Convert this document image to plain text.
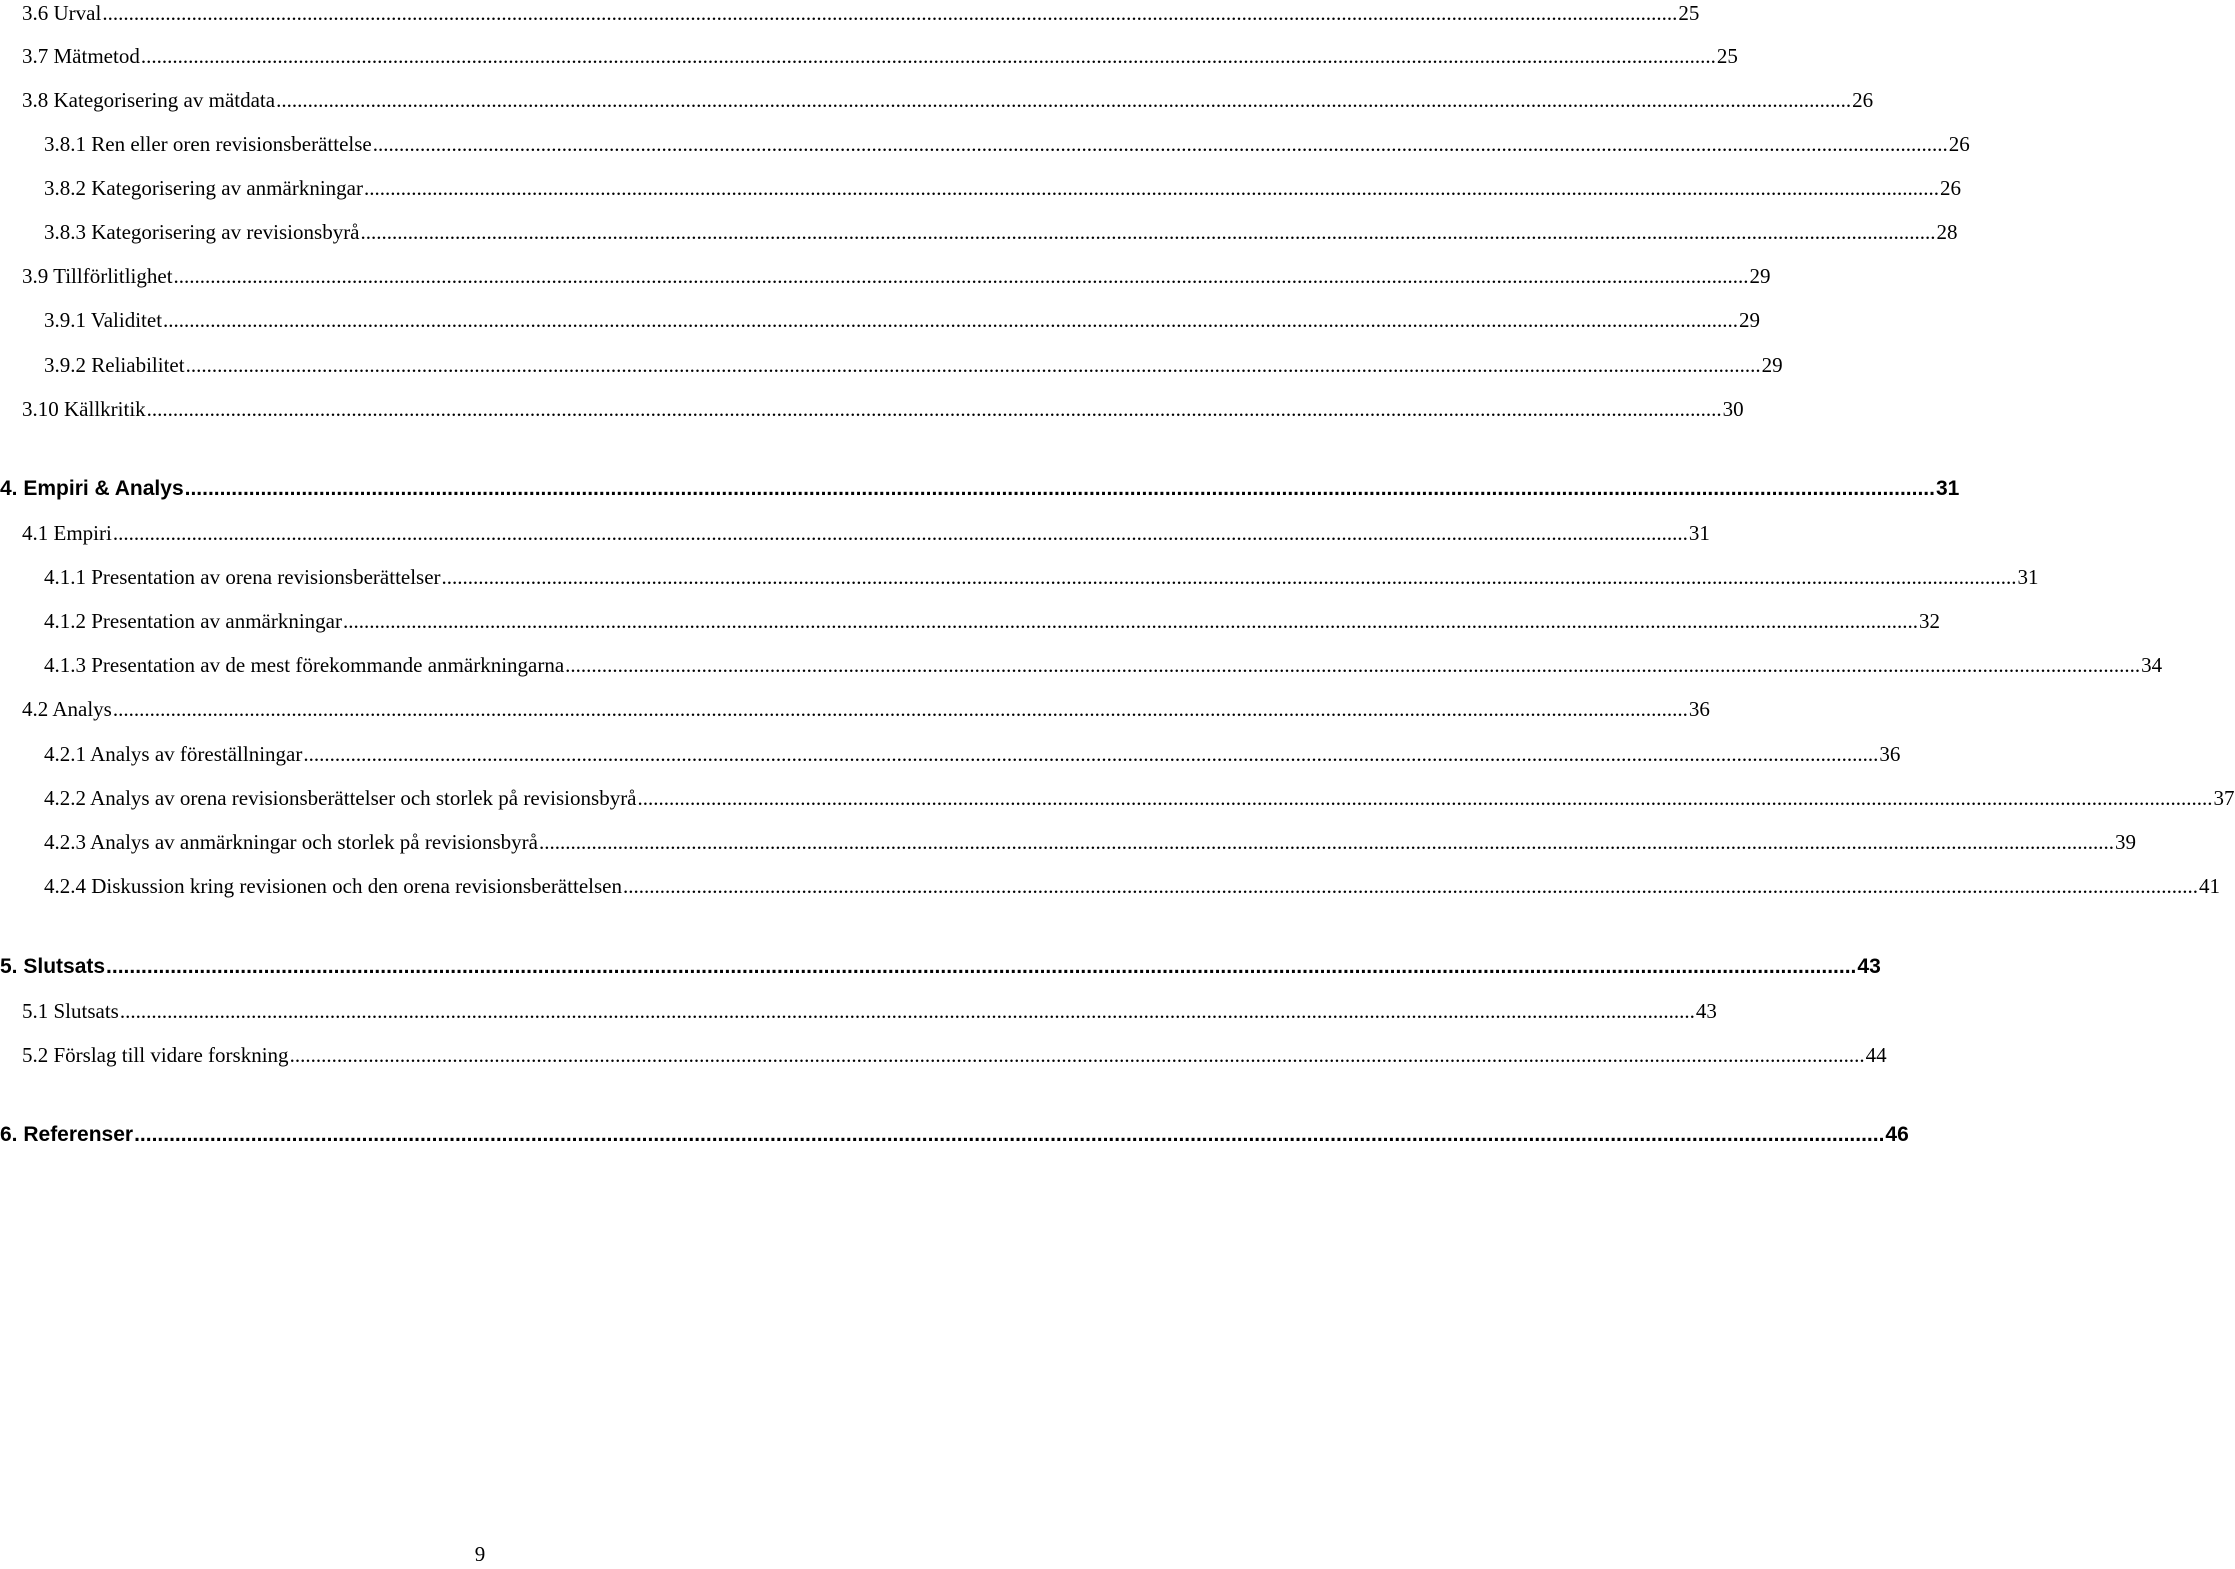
3.6 Urval ............................................................................................................................................................................................................................................................................................................ 25
3.7 Mätmetod ............................................................................................................................................................................................................................................................................................................ 25
3.8 Kategorisering av mätdata ............................................................................................................................................................................................................................................................................................................ 26
3.8.1 Ren eller oren revisionsberättelse ............................................................................................................................................................................................................................................................................................................ 26
3.8.2 Kategorisering av anmärkningar ............................................................................................................................................................................................................................................................................................................ 26
3.8.3 Kategorisering av revisionsbyrå ............................................................................................................................................................................................................................................................................................................ 28
3.9 Tillförlitlighet ............................................................................................................................................................................................................................................................................................................ 29
3.9.1 Validitet ............................................................................................................................................................................................................................................................................................................ 29
3.9.2 Reliabilitet ............................................................................................................................................................................................................................................................................................................ 29
3.10 Källkritik ............................................................................................................................................................................................................................................................................................................ 30
4. Empiri & Analys ............................................................................................................................................................................................................................................................................................................ 31
4.1 Empiri ............................................................................................................................................................................................................................................................................................................ 31
4.1.1 Presentation av orena revisionsberättelser ............................................................................................................................................................................................................................................................................................................ 31
4.1.2 Presentation av anmärkningar ............................................................................................................................................................................................................................................................................................................ 32
4.1.3 Presentation av de mest förekommande anmärkningarna ............................................................................................................................................................................................................................................................................................................ 34
4.2 Analys ............................................................................................................................................................................................................................................................................................................ 36
4.2.1 Analys av föreställningar ............................................................................................................................................................................................................................................................................................................ 36
4.2.2 Analys av orena revisionsberättelser och storlek på revisionsbyrå ............................................................................................................................................................................................................................................................................................................ 37
4.2.3 Analys av anmärkningar och storlek på revisionsbyrå ............................................................................................................................................................................................................................................................................................................ 39
4.2.4 Diskussion kring revisionen och den orena revisionsberättelsen ............................................................................................................................................................................................................................................................................................................ 41
5. Slutsats ............................................................................................................................................................................................................................................................................................................ 43
5.1 Slutsats ............................................................................................................................................................................................................................................................................................................ 43
5.2 Förslag till vidare forskning ............................................................................................................................................................................................................................................................................................................ 44
6. Referenser ............................................................................................................................................................................................................................................................................................................ 46
9
